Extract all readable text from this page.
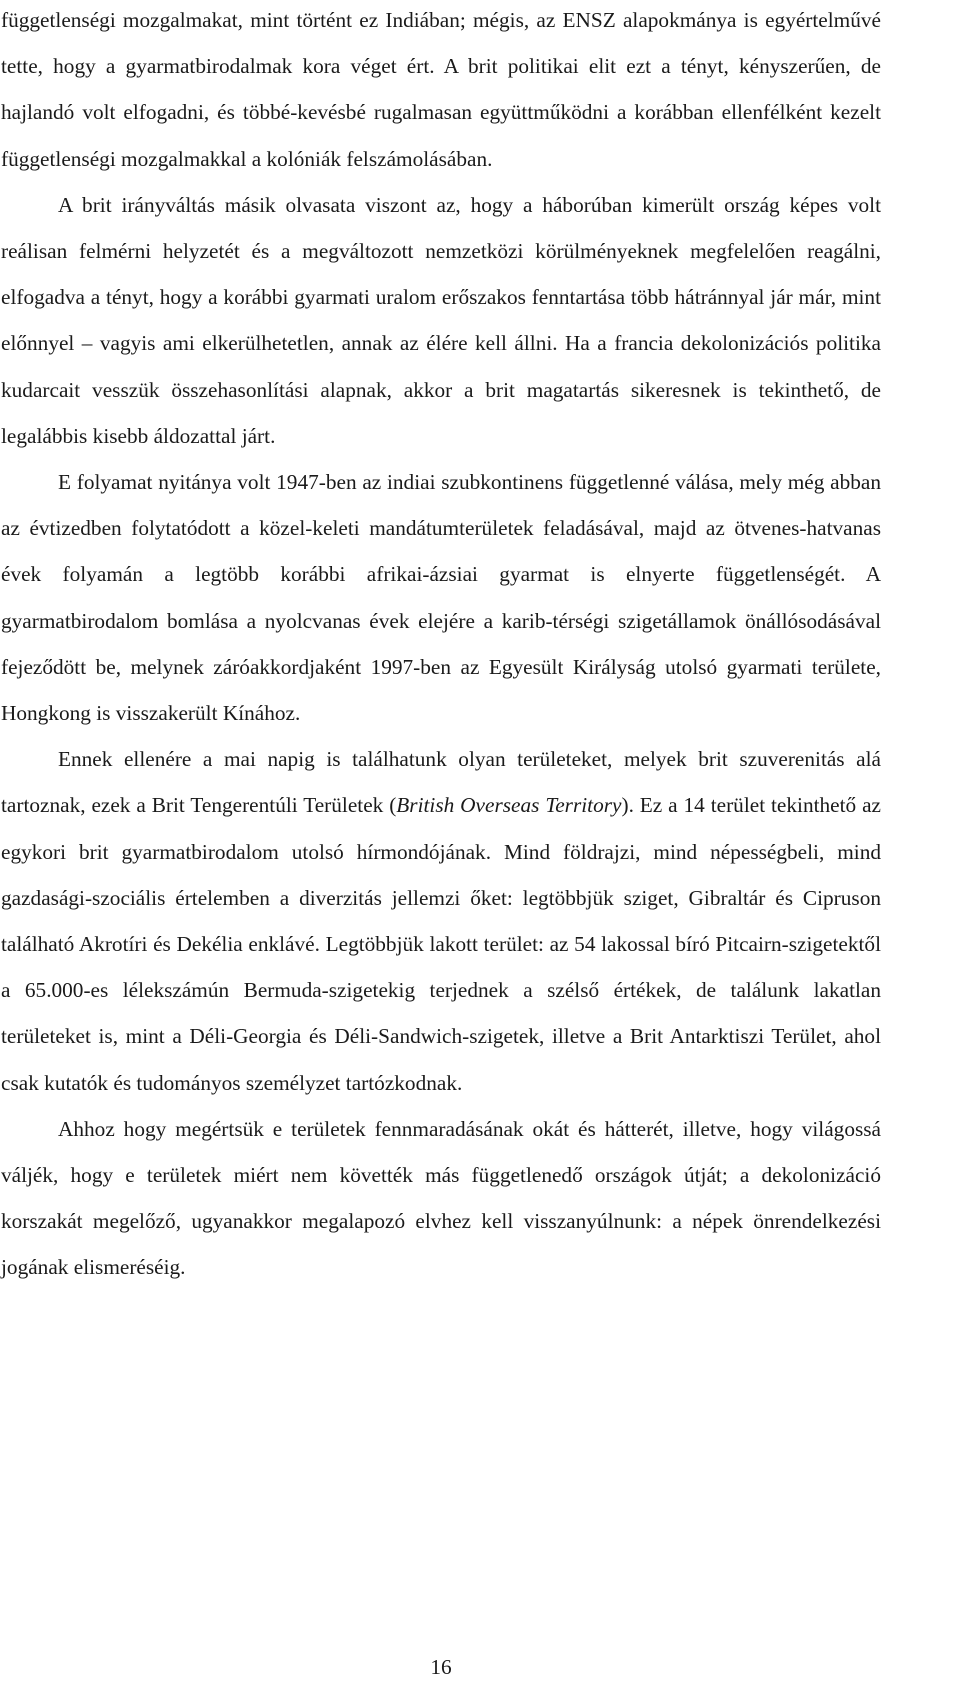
függetlenségi mozgalmakat, mint történt ez Indiában; mégis, az ENSZ alapokmánya is egyértelművé tette, hogy a gyarmatbirodalmak kora véget ért. A brit politikai elit ezt a tényt, kényszerűen, de hajlandó volt elfogadni, és többé-kevésbé rugalmasan együttműködni a korábban ellenfélként kezelt függetlenségi mozgalmakkal a kolóniák felszámolásában.

A brit irányváltás másik olvasata viszont az, hogy a háborúban kimerült ország képes volt reálisan felmérni helyzetét és a megváltozott nemzetközi körülményeknek megfelelően reagálni, elfogadva a tényt, hogy a korábbi gyarmati uralom erőszakos fenntartása több hátránnyal jár már, mint előnnyel – vagyis ami elkerülhetetlen, annak az élére kell állni. Ha a francia dekolonizációs politika kudarcait vesszük összehasonlítási alapnak, akkor a brit magatartás sikeresnek is tekinthető, de legalábbis kisebb áldozattal járt.

E folyamat nyitánya volt 1947-ben az indiai szubkontinens függetlenné válása, mely még abban az évtizedben folytatódott a közel-keleti mandátumterületek feladásával, majd az ötvenes-hatvanas évek folyamán a legtöbb korábbi afrikai-ázsiai gyarmat is elnyerte függetlenségét. A gyarmatbirodalom bomlása a nyolcvanas évek elejére a karib-térségi szigetállamok önállósodásával fejeződött be, melynek záróakkordjaként 1997-ben az Egyesült Királyság utolsó gyarmati területe, Hongkong is visszakerült Kínához.

Ennek ellenére a mai napig is találhatunk olyan területeket, melyek brit szuverenitás alá tartoznak, ezek a Brit Tengerentúli Területek (British Overseas Territory). Ez a 14 terület tekinthető az egykori brit gyarmatbirodalom utolsó hírmondójának. Mind földrajzi, mind népességbeli, mind gazdasági-szociális értelemben a diverzitás jellemzi őket: legtöbbjük sziget, Gibraltár és Cipruson található Akrotíri és Dekélia enklávé. Legtöbbjük lakott terület: az 54 lakossal bíró Pitcairn-szigetektől a 65.000-es lélekszámún Bermuda-szigetekig terjednek a szélső értékek, de találunk lakatlan területeket is, mint a Déli-Georgia és Déli-Sandwich-szigetek, illetve a Brit Antarktiszi Terület, ahol csak kutatók és tudományos személyzet tartózkodnak.

Ahhoz hogy megértsük e területek fennmaradásának okát és hátterét, illetve, hogy világossá váljék, hogy e területek miért nem követték más függetlenedő országok útját; a dekolonizáció korszakát megelőző, ugyanakkor megalapozó elvhez kell visszanyúlnunk: a népek önrendelkezési jogának elismeréséig.

16
